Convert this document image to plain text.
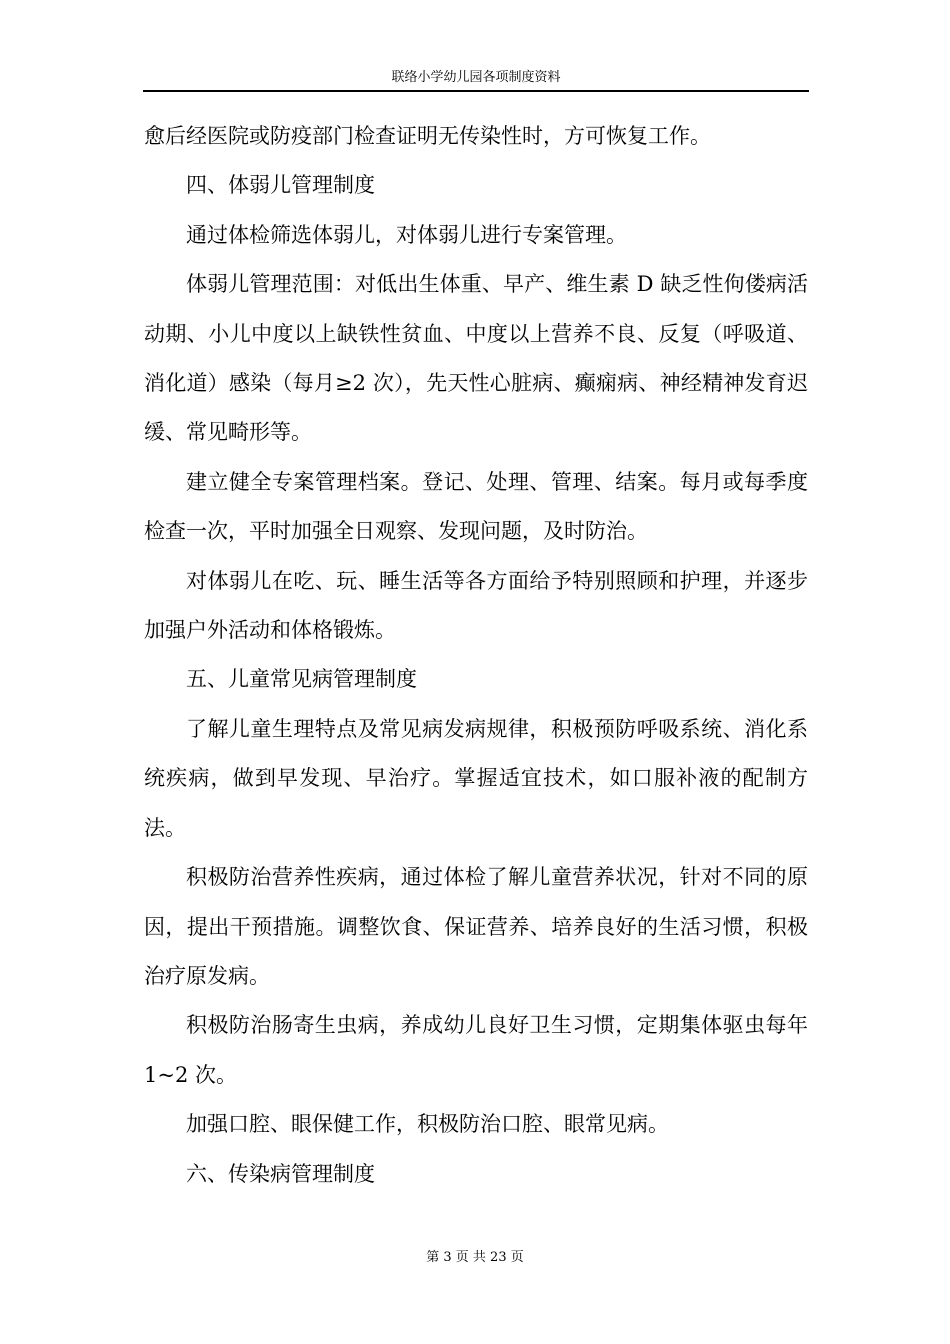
联络小学幼儿园各项制度资料

愈后经医院或防疫部门检查证明无传染性时，方可恢复工作。

四、体弱儿管理制度

通过体检筛选体弱儿，对体弱儿进行专案管理。

体弱儿管理范围：对低出生体重、早产、维生素 D 缺乏性佝偻病活动期、小儿中度以上缺铁性贫血、中度以上营养不良、反复（呼吸道、消化道）感染（每月≥2 次），先天性心脏病、癫痫病、神经精神发育迟缓、常见畸形等。

建立健全专案管理档案。登记、处理、管理、结案。每月或每季度检查一次，平时加强全日观察、发现问题，及时防治。

对体弱儿在吃、玩、睡生活等各方面给予特别照顾和护理，并逐步加强户外活动和体格锻炼。

五、儿童常见病管理制度

了解儿童生理特点及常见病发病规律，积极预防呼吸系统、消化系统疾病，做到早发现、早治疗。掌握适宜技术，如口服补液的配制方法。

积极防治营养性疾病，通过体检了解儿童营养状况，针对不同的原因，提出干预措施。调整饮食、保证营养、培养良好的生活习惯，积极治疗原发病。

积极防治肠寄生虫病，养成幼儿良好卫生习惯，定期集体驱虫每年 1~2 次。

加强口腔、眼保健工作，积极防治口腔、眼常见病。

六、传染病管理制度

第 3 页 共 23 页
